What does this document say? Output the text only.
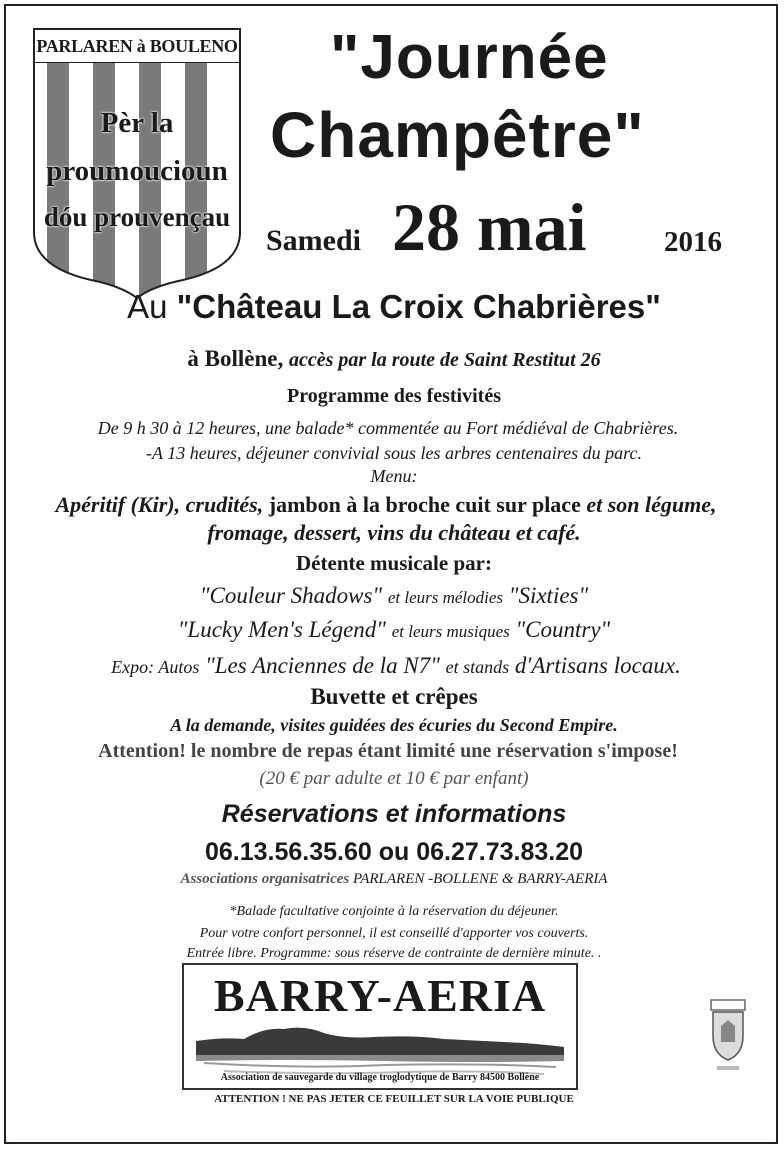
PARLAREN à BOULENO
Pèr la
proumoucioun
dóu prouvençau
"Journée
Champêtre"
Samedi 28 mai	2016
Au "Château La Croix Chabrières"
à Bollène, accès par la route de Saint Restitut 26
Programme des festivités
De 9 h 30 à 12 heures, une balade* commentée au Fort médiéval de Chabrières.
-A 13 heures, déjeuner convivial sous les arbres centenaires du parc.
Menu:
Apéritif (Kir), crudités, jambon à la broche cuit sur place et son légume,
fromage, dessert, vins du château et café.
Détente musicale par:
"Couleur Shadows" et leurs mélodies "Sixties"
"Lucky Men's Légend" et leurs musiques "Country"
Expo: Autos "Les Anciennes de la N7" et stands d'Artisans locaux.
Buvette et crêpes
A la demande, visites guidées des écuries du Second Empire.
Attention! le nombre de repas étant limité une réservation s'impose!
(20 € par adulte et 10 € par enfant)
Réservations et informations
06.13.56.35.60 ou 06.27.73.83.20
Associations organisatrices PARLAREN -BOLLENE & BARRY-AERIA
*Balade facultative conjointe à la réservation du déjeuner.
Pour votre confort personnel, il est conseillé d'apporter vos couverts.
Entrée libre. Programme: sous réserve de contrainte de dernière minute. .
BARRY-AERIA
Association de sauvegarde du village troglodytique de Barry 84500 Bollène
ATTENTION ! NE PAS JETER CE FEUILLET SUR LA VOIE PUBLIQUE
